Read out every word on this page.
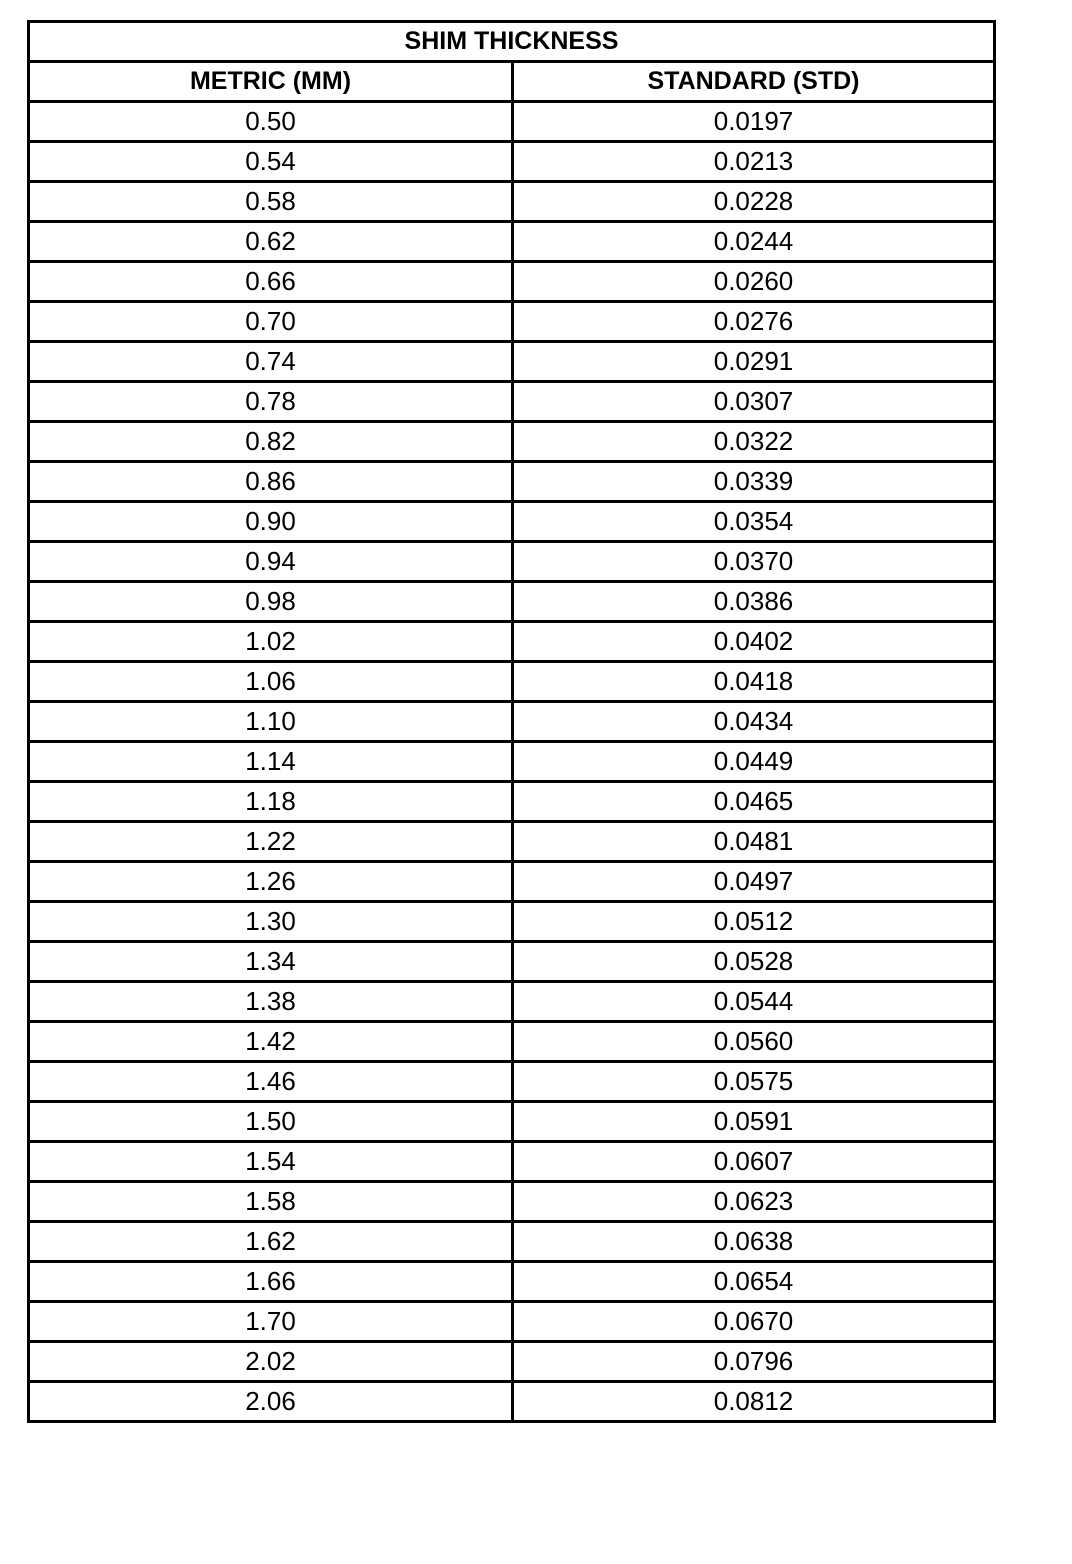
SHIM THICKNESS	
METRIC (MM)	STANDARD (STD)
0.50	0.0197
0.54	0.0213
0.58	0.0228
0.62	0.0244
0.66	0.0260
0.70	0.0276
0.74	0.0291
0.78	0.0307
0.82	0.0322
0.86	0.0339
0.90	0.0354
0.94	0.0370
0.98	0.0386
1.02	0.0402
1.06	0.0418
1.10	0.0434
1.14	0.0449
1.18	0.0465
1.22	0.0481
1.26	0.0497
1.30	0.0512
1.34	0.0528
1.38	0.0544
1.42	0.0560
1.46	0.0575
1.50	0.0591
1.54	0.0607
1.58	0.0623
1.62	0.0638
1.66	0.0654
1.70	0.0670
2.02	0.0796
2.06	0.0812
